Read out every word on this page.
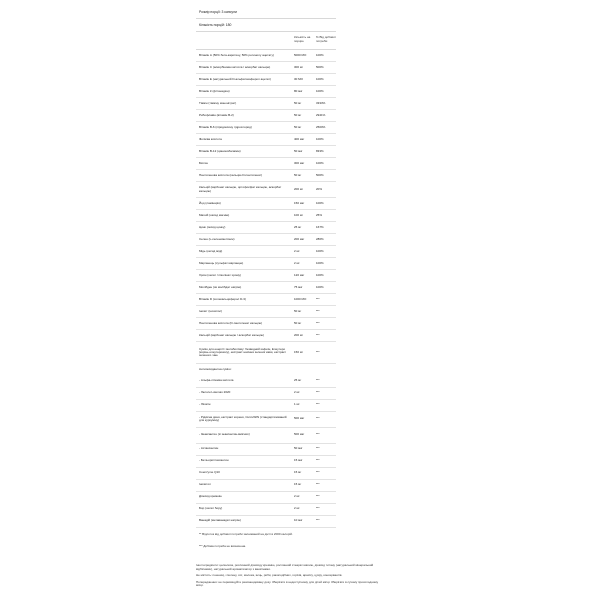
Розмір порції: 3 капсули
Кількість порцій: 180
Кількість на порцію
% Від добової потреби
Вітамін А (50% бета-каротину, 50% ретинолу ацетату)	5000 МО	100%
Вітамін С (аскорбінова кислота / аскорбат кальцію)	300 мг	500%
Вітамін Е (натуральний D-альфатокоферол ацетат)	30 МО	100%
Вітамін К (фітонадіон)	80 мкг	100%
Тіамін (тіаміну мононітрат)	50 мг	3333%
Рибофлавін (вітамін В-2)	50 мг	2941%
Вітамін В-6 (піридоксину гідрохлорид)	50 мг	2500%
Фолієва кислота	400 мкг	100%
Вітамін В-12 (ціанокобаламін)	50 мкг	833%
Біотин	300 мкг	100%
Пантотенова кислота (кальцію D-пантотенат)	50 мг	500%
Кальцій (карбонат кальцію, ортофосфат кальцію, аскорбат кальцію)	200 мг	20%
Йод (ламінарія)	150 мкг	100%
Магній (оксид магнію)	100 мг	25%
Цинк (оксид цинку)	25 мг	167%
Селен (L-селенометіонін)	200 мкг	286%
Мідь (оксид міді)	2 мг	100%
Марганець (сульфат марганцю)	2 мг	100%
Хром (хелат / піколінат хрому)	120 мкг	100%
Молібден (як молібдат натрію)	75 мкг	100%
Вітамін D (холекальциферол D-3)	1000 МО	***
Інозит (інозитол)	50 мг	***
Пантотенова кислота (D-пантотенат кальцію)	50 мг	***
Кальцій (карбонат кальцію / аскорбат кальцію)	200 мг	***
Суміш для енергії і метаболізму: безводний кофеїн, Елеутеро (корінь елеутерококу), екстракт насіння зеленої кави, екстракт зеленого чаю
150 мг	***
Антиоксидантна суміш:
- Альфа-ліпоєва кислота	25 мг	***
- Лютеїн Lutemax 2020	2 мг	***
- Лікопін	1 мг	***
- Рідкісна диня, екстракт кореня, CurcuWIN (стандартизований для куркуміну)	500 мкг	***
- Зеаксантин (зі зеаксантин-вмісних)	500 мкг	***
- Астаксантин	50 мкг	***
- Бета-криптоксантин	15 мкг	***
Coenzyme Q10	15 мг	***
Інозитол	15 мг	***
Діоксид кремнію	2 мг	***
Бор (хелат бору)	2 мг	***
Ванадій (метаванадат натрію)	10 мкг	***
** Відсоток від добової потреби заснований на дієті в 2000 калорій.
*** Добова потреба не визначена.

Інші інгредієнти: целюлоза, рослинний діоксиду кремнію, рослинний стеарат магнію, діоксид титану (натуральний мінеральний відбілювач), натуральний ароматизатор з ванілінами.

Не містить: пшениці, глютену, сої, молока, яєць, риби, ракоподібних, горіхів, арахісу, цукру, консервантів.

Попередження: не перевищуйте рекомендовану дозу. Зберігати в недоступному для дітей місці. Зберігати в сухому прохолодному місці.
